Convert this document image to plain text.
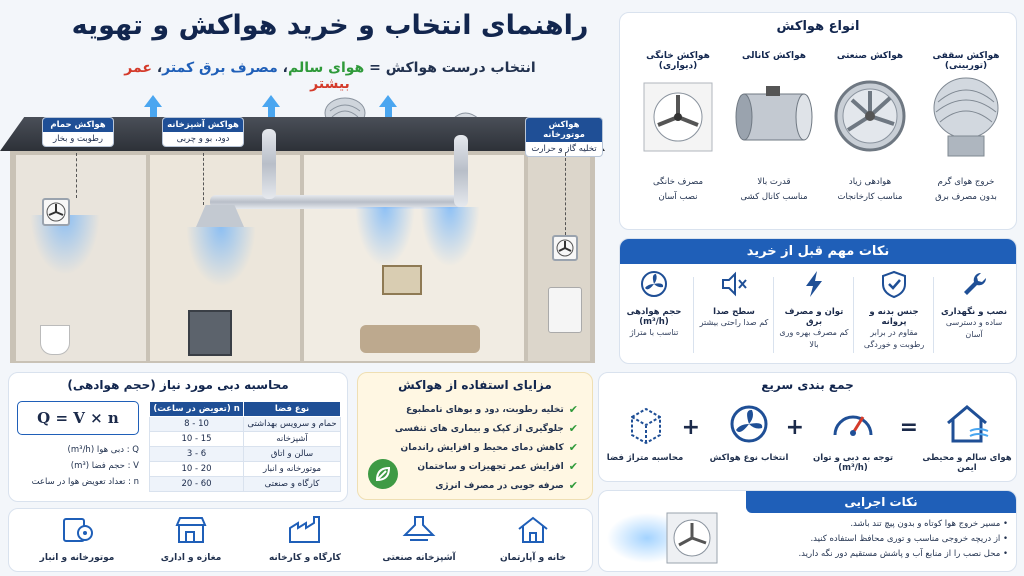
راهنمای انتخاب و خرید هواکش و تهویه
انتخاب درست هواکش = هوای سالم، مصرف برق کمتر، عمر بیشتر
هواکش حمام
رطوبت و بخار
هواکش آشپزخانه
دود، بو و چربی
هواکش موتورخانه
تخلیه گاز و حرارت
انواع هواکش
هواکش سقفی (توربینی)
خروج هوای گرم
بدون مصرف برق
هواکش صنعتی
هوادهی زیاد
مناسب کارخانجات
هواکش کانالی
قدرت بالا
مناسب کانال کشی
هواکش خانگی (دیواری)
مصرف خانگی
نصب آسان
نکات مهم قبل از خرید
نصب و نگهداری
ساده و دسترسی آسان
جنس بدنه و پروانه
مقاوم در برابر رطوبت و خوردگی
توان و مصرف برق
کم مصرف بهره وری بالا
سطح صدا
کم صدا راحتی بیشتر
حجم هوادهی (m³/h)
تناسب با متراژ
محاسبه دبی مورد نیاز (حجم هوادهی)
Q = V × n
Q : دبی هوا (m³/h)
V : حجم فضا (m³)
n : تعداد تعویض هوا در ساعت
نوع فضا	n (تعویض در ساعت)
حمام و سرویس بهداشتی	10 - 8
آشپزخانه	15 - 10
سالن و اتاق	6 - 3
موتورخانه و انبار	20 - 10
کارگاه و صنعتی	60 - 20
مزایای استفاده از هواکش
✔
تخلیه رطوبت، دود و بوهای نامطبوع
✔
جلوگیری از کپک و بیماری های تنفسی
✔
کاهش دمای محیط و افزایش راندمان
✔
افزایش عمر تجهیزات و ساختمان
✔
صرفه جویی در مصرف انرژی
جمع بندی سریع
هوای سالم و محیطی ایمن
=
توجه به دبی و توان (m³/h)
+
انتخاب نوع هواکش
+
محاسبه متراژ فضا
نکات اجرایی
• مسیر خروج هوا کوتاه و بدون پیچ تند باشد.
• از دریچه خروجی مناسب و توری محافظ استفاده کنید.
• محل نصب را از منابع آب و پاشش مستقیم دور نگه دارید.
خانه و آپارتمان
آشپزخانه صنعتی
کارگاه و کارخانه
مغازه و اداری
موتورخانه و انبار
